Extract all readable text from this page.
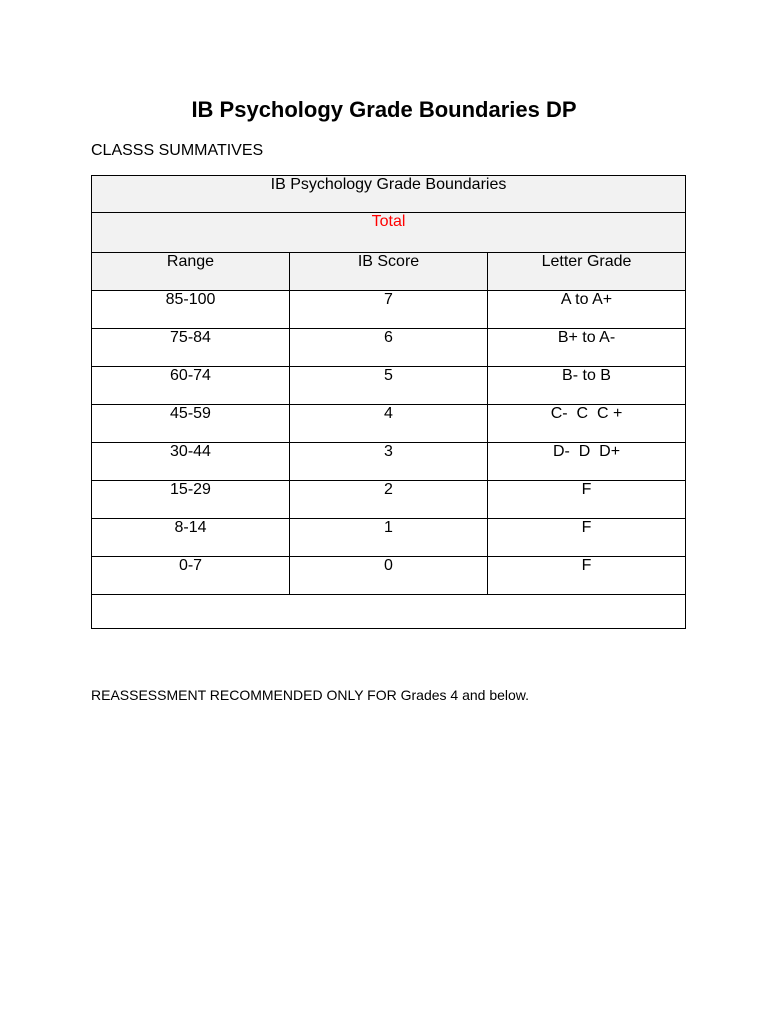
IB Psychology Grade Boundaries DP

CLASSS SUMMATIVES

IB Psychology Grade Boundaries		
Total		
Range	IB Score	Letter Grade
85-100	7	A to A+
75-84	6	B+ to A-
60-74	5	B- to B
45-59	4	C-  C  C +
30-44	3	D-  D  D+
15-29	2	F
8-14	1	F
0-7	0	F

REASSESSMENT RECOMMENDED ONLY FOR Grades 4 and below.
